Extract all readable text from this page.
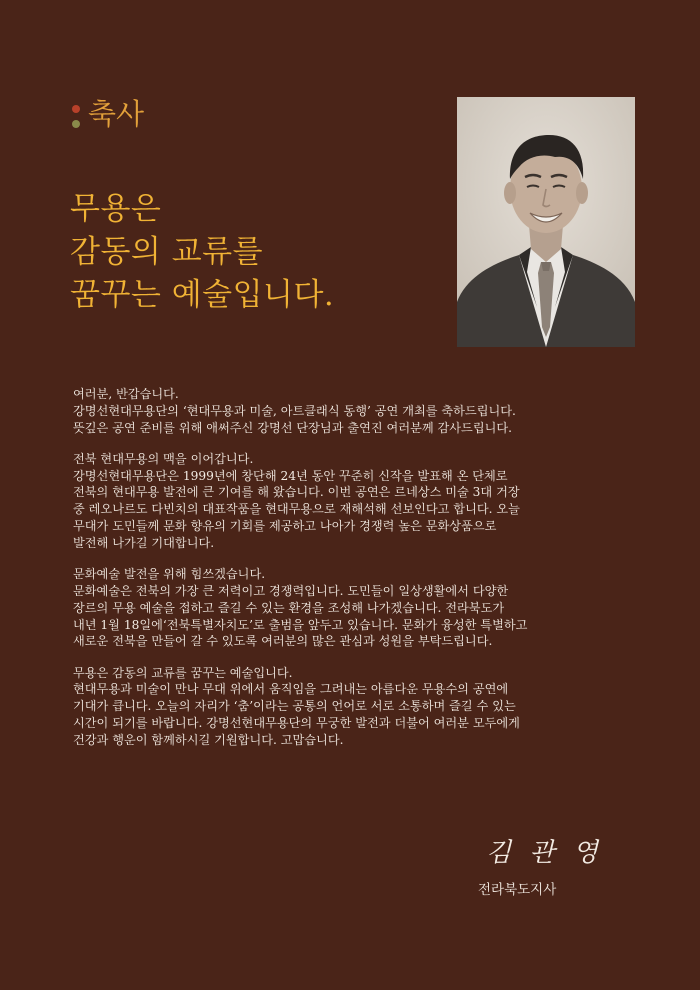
축사
무용은
감동의 교류를
꿈꾸는 예술입니다.
여러분, 반갑습니다.
강명선현대무용단의 ‘현대무용과 미술, 아트클래식 동행’ 공연 개최를 축하드립니다.
뜻깊은 공연 준비를 위해 애써주신 강명선 단장님과 출연진 여러분께 감사드립니다.
전북 현대무용의 맥을 이어갑니다.
강명선현대무용단은 1999년에 창단해 24년 동안 꾸준히 신작을 발표해 온 단체로
전북의 현대무용 발전에 큰 기여를 해 왔습니다. 이번 공연은 르네상스 미술 3대 거장
중 레오나르도 다빈치의 대표작품을 현대무용으로 재해석해 선보인다고 합니다. 오늘
무대가 도민들께 문화 향유의 기회를 제공하고 나아가 경쟁력 높은 문화상품으로
발전해 나가길 기대합니다.
문화예술 발전을 위해 힘쓰겠습니다.
문화예술은 전북의 가장 큰 저력이고 경쟁력입니다. 도민들이 일상생활에서 다양한
장르의 무용 예술을 접하고 즐길 수 있는 환경을 조성해 나가겠습니다. 전라북도가
내년 1월 18일에‘전북특별자치도’로 출범을 앞두고 있습니다. 문화가 융성한 특별하고
새로운 전북을 만들어 갈 수 있도록 여러분의 많은 관심과 성원을 부탁드립니다.
무용은 감동의 교류를 꿈꾸는 예술입니다.
현대무용과 미술이 만나 무대 위에서 움직임을 그려내는 아름다운 무용수의 공연에
기대가 큽니다. 오늘의 자리가 ‘춤’이라는 공통의 언어로 서로 소통하며 즐길 수 있는
시간이 되기를 바랍니다. 강명선현대무용단의 무궁한 발전과 더불어 여러분 모두에게
건강과 행운이 함께하시길 기원합니다. 고맙습니다.
김 관 영
전라북도지사
